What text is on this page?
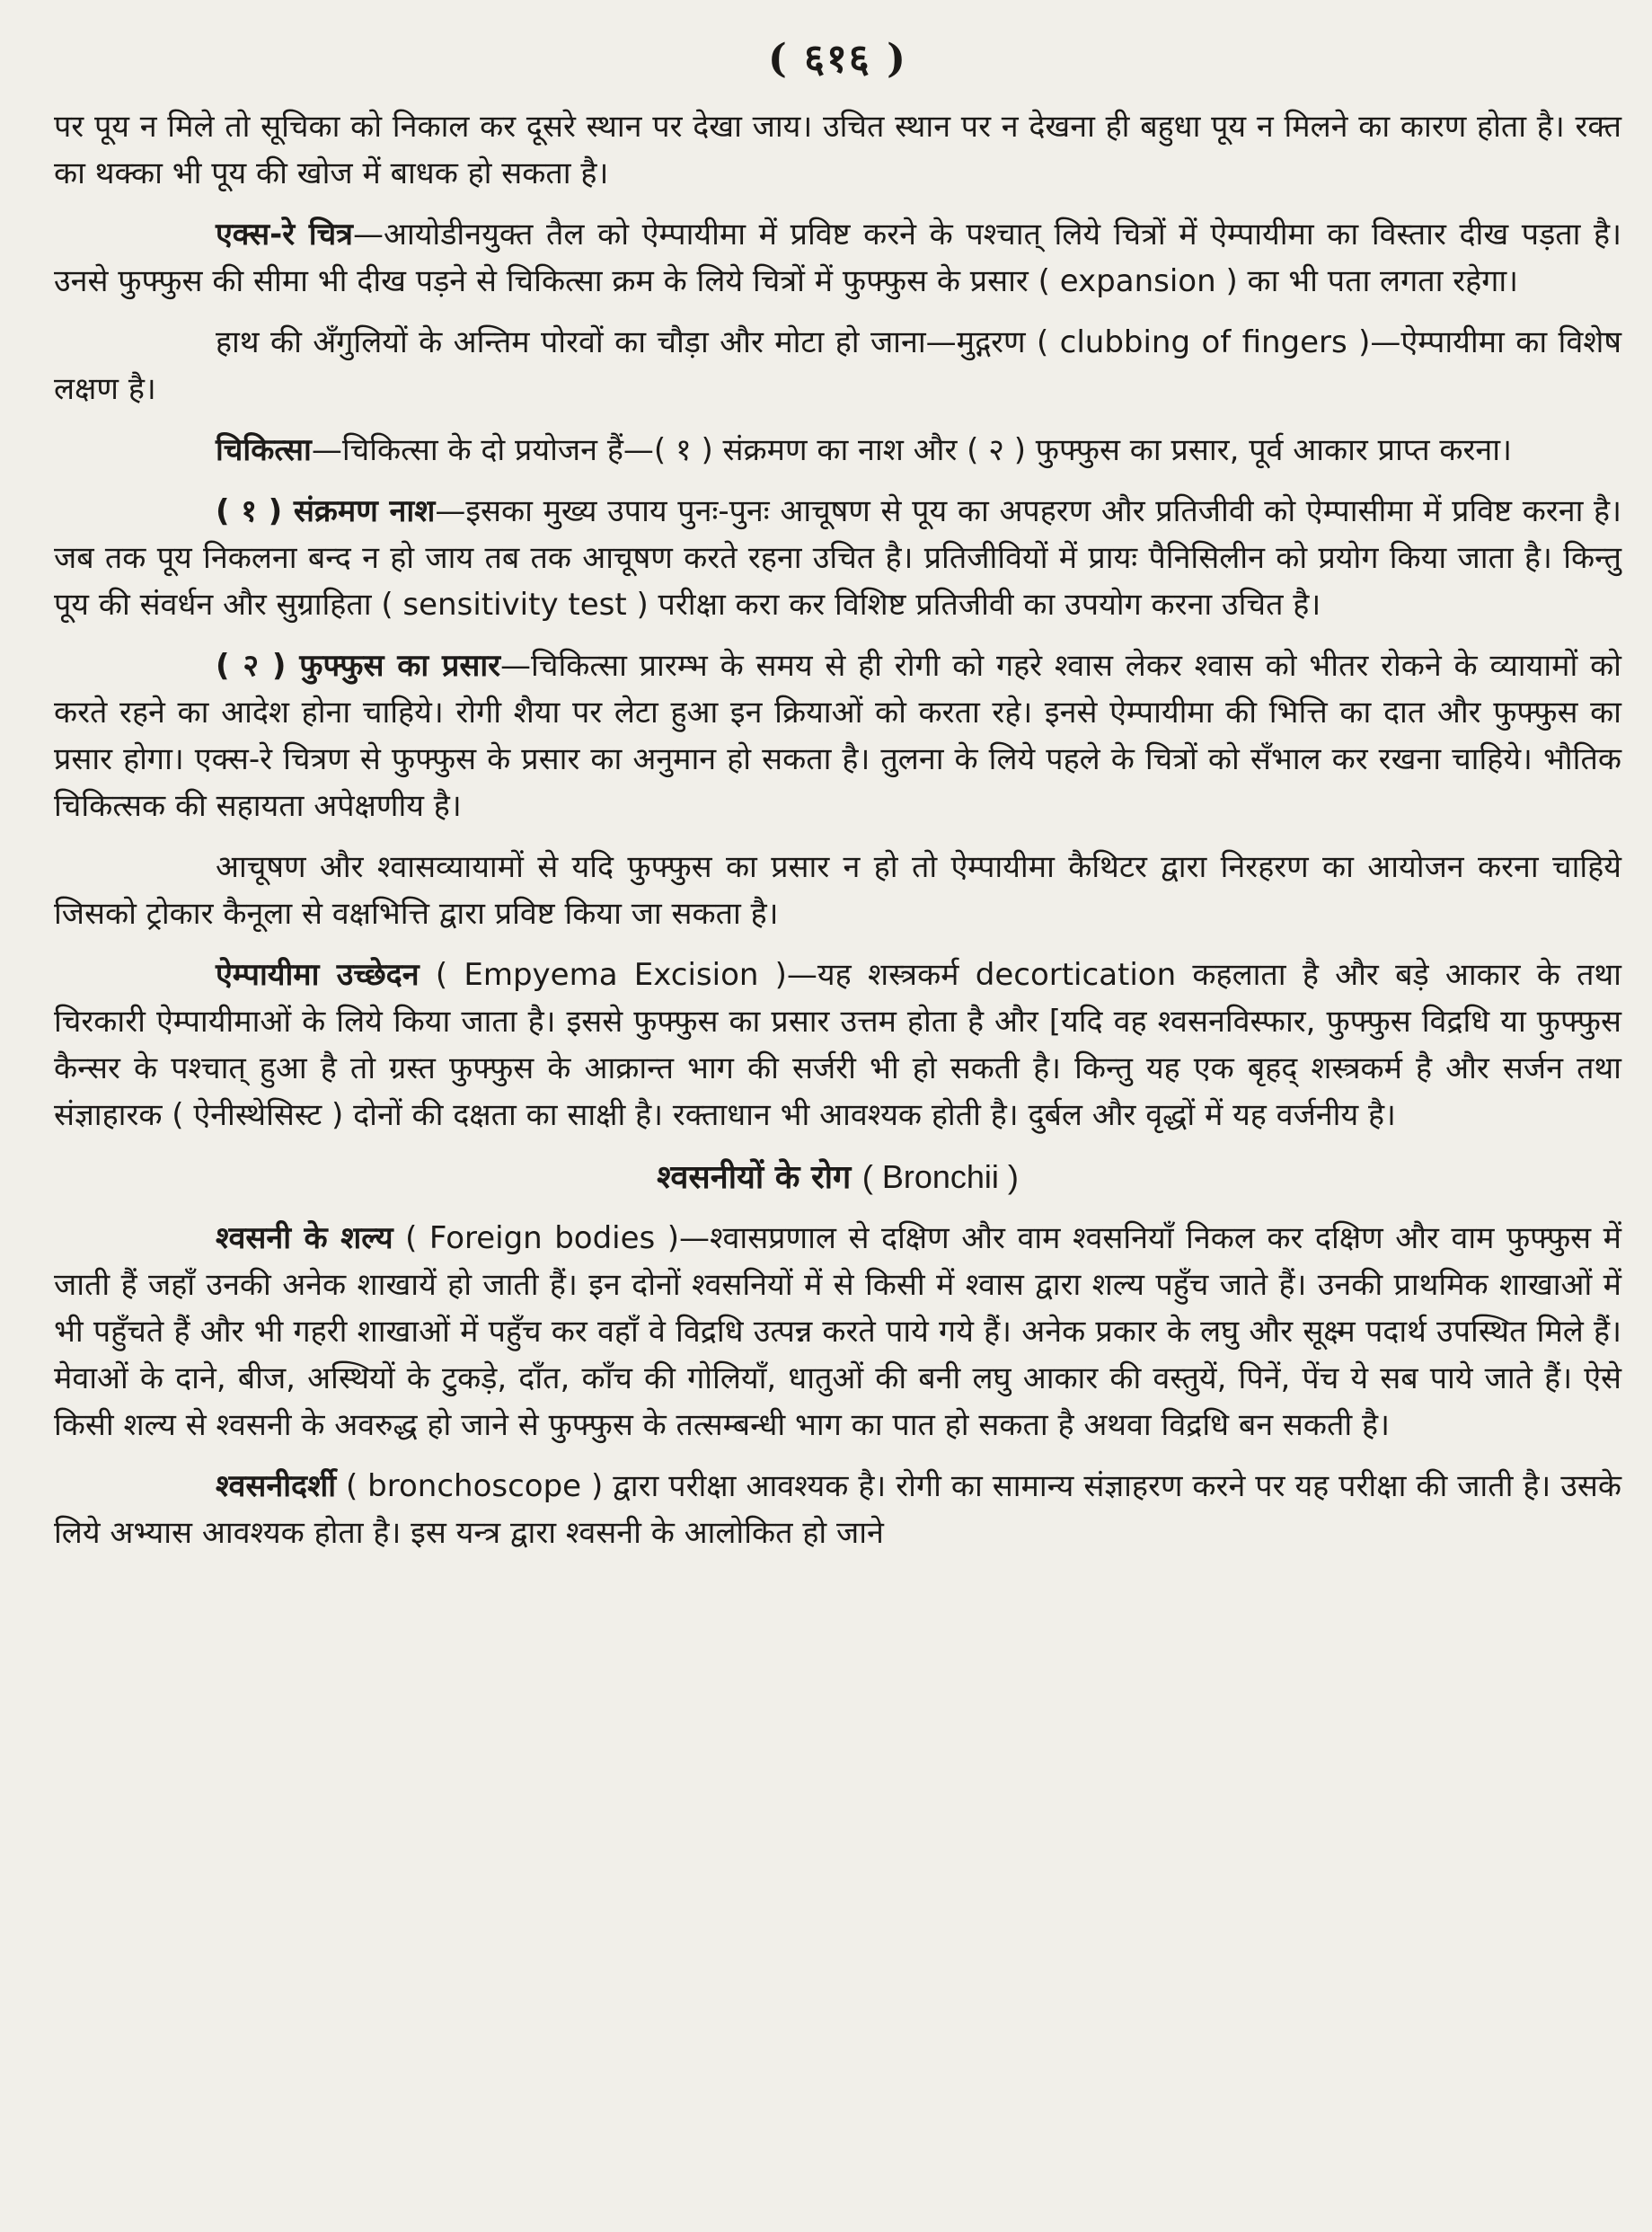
( ६१६ )

पर पूय न मिले तो सूचिका को निकाल कर दूसरे स्थान पर देखा जाय। उचित स्थान पर न देखना ही बहुधा पूय न मिलने का कारण होता है। रक्त का थक्का भी पूय की खोज में बाधक हो सकता है।

एक्स-रे चित्र—आयोडीनयुक्त तैल को ऐम्पायीमा में प्रविष्ट करने के पश्चात् लिये चित्रों में ऐम्पायीमा का विस्तार दीख पड़ता है। उनसे फुफ्फुस की सीमा भी दीख पड़ने से चिकित्सा क्रम के लिये चित्रों में फुफ्फुस के प्रसार ( expansion ) का भी पता लगता रहेगा।

हाथ की अँगुलियों के अन्तिम पोरवों का चौड़ा और मोटा हो जाना—मुद्गरण ( clubbing of fingers )—ऐम्पायीमा का विशेष लक्षण है।

चिकित्सा—चिकित्सा के दो प्रयोजन हैं—( १ ) संक्रमण का नाश और ( २ ) फुफ्फुस का प्रसार, पूर्व आकार प्राप्त करना।

( १ ) संक्रमण नाश—इसका मुख्य उपाय पुनः-पुनः आचूषण से पूय का अपहरण और प्रतिजीवी को ऐम्पासीमा में प्रविष्ट करना है। जब तक पूय निकलना बन्द न हो जाय तब तक आचूषण करते रहना उचित है। प्रतिजीवियों में प्रायः पैनिसिलीन को प्रयोग किया जाता है। किन्तु पूय की संवर्धन और सुग्राहिता ( sensitivity test ) परीक्षा करा कर विशिष्ट प्रतिजीवी का उपयोग करना उचित है।

( २ ) फुफ्फुस का प्रसार—चिकित्सा प्रारम्भ के समय से ही रोगी को गहरे श्वास लेकर श्वास को भीतर रोकने के व्यायामों को करते रहने का आदेश होना चाहिये। रोगी शैया पर लेटा हुआ इन क्रियाओं को करता रहे। इनसे ऐम्पायीमा की भित्ति का दात और फुफ्फुस का प्रसार होगा। एक्स-रे चित्रण से फुफ्फुस के प्रसार का अनुमान हो सकता है। तुलना के लिये पहले के चित्रों को सँभाल कर रखना चाहिये। भौतिक चिकित्सक की सहायता अपेक्षणीय है।

आचूषण और श्वासव्यायामों से यदि फुफ्फुस का प्रसार न हो तो ऐम्पायीमा कैथिटर द्वारा निरहरण का आयोजन करना चाहिये जिसको ट्रोकार कैनूला से वक्षभित्ति द्वारा प्रविष्ट किया जा सकता है।

ऐम्पायीमा उच्छेदन ( Empyema Excision )—यह शस्त्रकर्म decortication कहलाता है और बड़े आकार के तथा चिरकारी ऐम्पायीमाओं के लिये किया जाता है। इससे फुफ्फुस का प्रसार उत्तम होता है और [यदि वह श्वसनविस्फार, फुफ्फुस विद्रधि या फुफ्फुस कैन्सर के पश्चात् हुआ है तो ग्रस्त फुफ्फुस के आक्रान्त भाग की सर्जरी भी हो सकती है। किन्तु यह एक बृहद् शस्त्रकर्म है और सर्जन तथा संज्ञाहारक ( ऐनीस्थेसिस्ट ) दोनों की दक्षता का साक्षी है। रक्ताधान भी आवश्यक होती है। दुर्बल और वृद्धों में यह वर्जनीय है।

श्वसनीयों के रोग ( Bronchii )

श्वसनी के शल्य ( Foreign bodies )—श्वासप्रणाल से दक्षिण और वाम श्वसनियाँ निकल कर दक्षिण और वाम फुफ्फुस में जाती हैं जहाँ उनकी अनेक शाखायें हो जाती हैं। इन दोनों श्वसनियों में से किसी में श्वास द्वारा शल्य पहुँच जाते हैं। उनकी प्राथमिक शाखाओं में भी पहुँचते हैं और भी गहरी शाखाओं में पहुँच कर वहाँ वे विद्रधि उत्पन्न करते पाये गये हैं। अनेक प्रकार के लघु और सूक्ष्म पदार्थ उपस्थित मिले हैं। मेवाओं के दाने, बीज, अस्थियों के टुकड़े, दाँत, काँच की गोलियाँ, धातुओं की बनी लघु आकार की वस्तुयें, पिनें, पेंच ये सब पाये जाते हैं। ऐसे किसी शल्य से श्वसनी के अवरुद्ध हो जाने से फुफ्फुस के तत्सम्बन्धी भाग का पात हो सकता है अथवा विद्रधि बन सकती है।

श्वसनीदर्शी ( bronchoscope ) द्वारा परीक्षा आवश्यक है। रोगी का सामान्य संज्ञाहरण करने पर यह परीक्षा की जाती है। उसके लिये अभ्यास आवश्यक होता है। इस यन्त्र द्वारा श्वसनी के आलोकित हो जाने
